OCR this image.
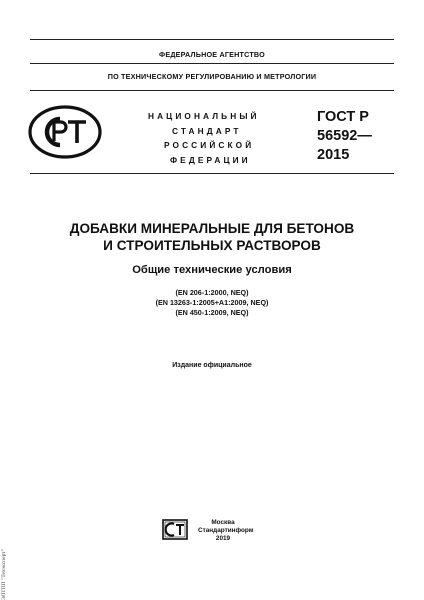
ФЕДЕРАЛЬНОЕ АГЕНТСТВО
ПО ТЕХНИЧЕСКОМУ РЕГУЛИРОВАНИЮ И МЕТРОЛОГИИ
НАЦИОНАЛЬНЫЙ
СТАНДАРТ
РОССИЙСКОЙ
ФЕДЕРАЦИИ
ГОСТ Р
56592—
2015
ДОБАВКИ МИНЕРАЛЬНЫЕ ДЛЯ БЕТОНОВ
И СТРОИТЕЛЬНЫХ РАСТВОРОВ
Общие технические условия
(EN 206-1:2000, NEQ)
(EN 13263-1:2005+A1:2009, NEQ)
(EN 450-1:2009, NEQ)
Издание официальное
Москва
Стандартинформ
2019
ЭЛТПП "Техэксперт"
